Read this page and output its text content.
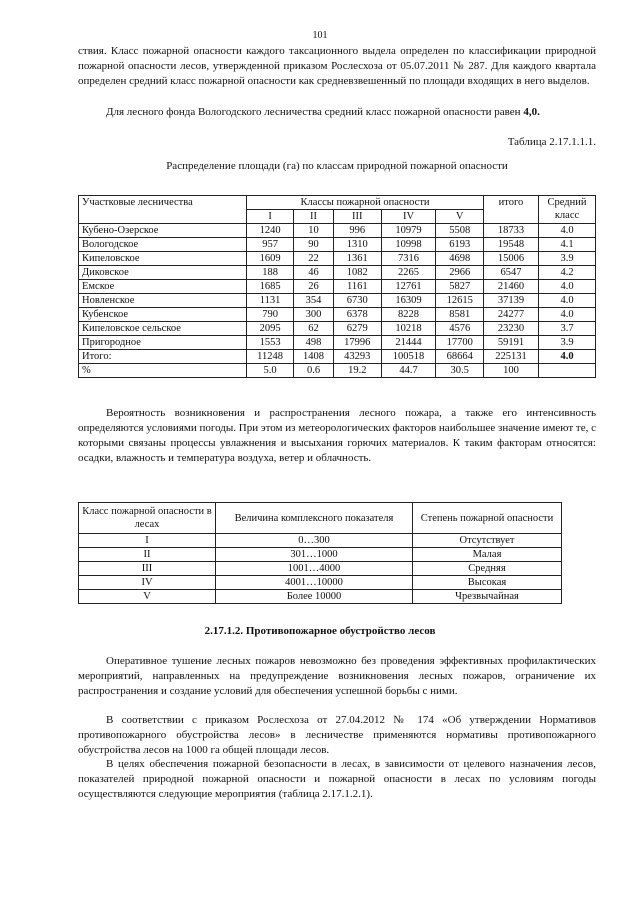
101

ствия. Класс пожарной опасности каждого таксационного выдела определен по классификации природной пожарной опасности лесов, утвержденной приказом Рослесхоза от 05.07.2011 № 287. Для каждого квартала определен средний класс пожарной опасности как средневзвешенный по площади входящих в него выделов.

Для лесного фонда Вологодского лесничества средний класс пожарной опасности равен 4,0.

Таблица 2.17.1.1.1.
Распределение площади (га) по классам природной пожарной опасности
Участковые лесничества	Классы пожарной опасности					итого	Средний класс
	I	II	III	IV	V		
Кубено-Озерское	1240	10	996	10979	5508	18733	4.0
Вологодское	957	90	1310	10998	6193	19548	4.1
Кипеловское	1609	22	1361	7316	4698	15006	3.9
Диковское	188	46	1082	2265	2966	6547	4.2
Емское	1685	26	1161	12761	5827	21460	4.0
Новленское	1131	354	6730	16309	12615	37139	4.0
Кубенское	790	300	6378	8228	8581	24277	4.0
Кипеловское сельское	2095	62	6279	10218	4576	23230	3.7
Пригородное	1553	498	17996	21444	17700	59191	3.9
Итого:	11248	1408	43293	100518	68664	225131	4.0
%	5.0	0.6	19.2	44.7	30.5	100	

Вероятность возникновения и распространения лесного пожара, а также его интенсивность определяются условиями погоды. При этом из метеорологических факторов наибольшее значение имеют те, с которыми связаны процессы увлажнения и высыхания горючих материалов. К таким факторам относятся: осадки, влажность и температура воздуха, ветер и облачность.

Класс пожарной опасности в лесах	Величина комплексного показателя	Степень пожарной опасности
I	0…300	Отсутствует
II	301…1000	Малая
III	1001…4000	Средняя
IV	4001…10000	Высокая
V	Более 10000	Чрезвычайная
2.17.1.2. Противопожарное обустройство лесов

Оперативное тушение лесных пожаров невозможно без проведения эффективных профилактических мероприятий, направленных на предупреждение возникновения лесных пожаров, ограничение их распространения и создание условий для обеспечения успешной борьбы с ними.

В соответствии с приказом Рослесхоза от 27.04.2012 № 174 «Об утверждении Нормативов противопожарного обустройства лесов» в лесничестве применяются нормативы противопожарного обустройства лесов на 1000 га общей площади лесов.

В целях обеспечения пожарной безопасности в лесах, в зависимости от целевого назначения лесов, показателей природной пожарной опасности и пожарной опасности в лесах по условиям погоды осуществляются следующие мероприятия (таблица 2.17.1.2.1).
